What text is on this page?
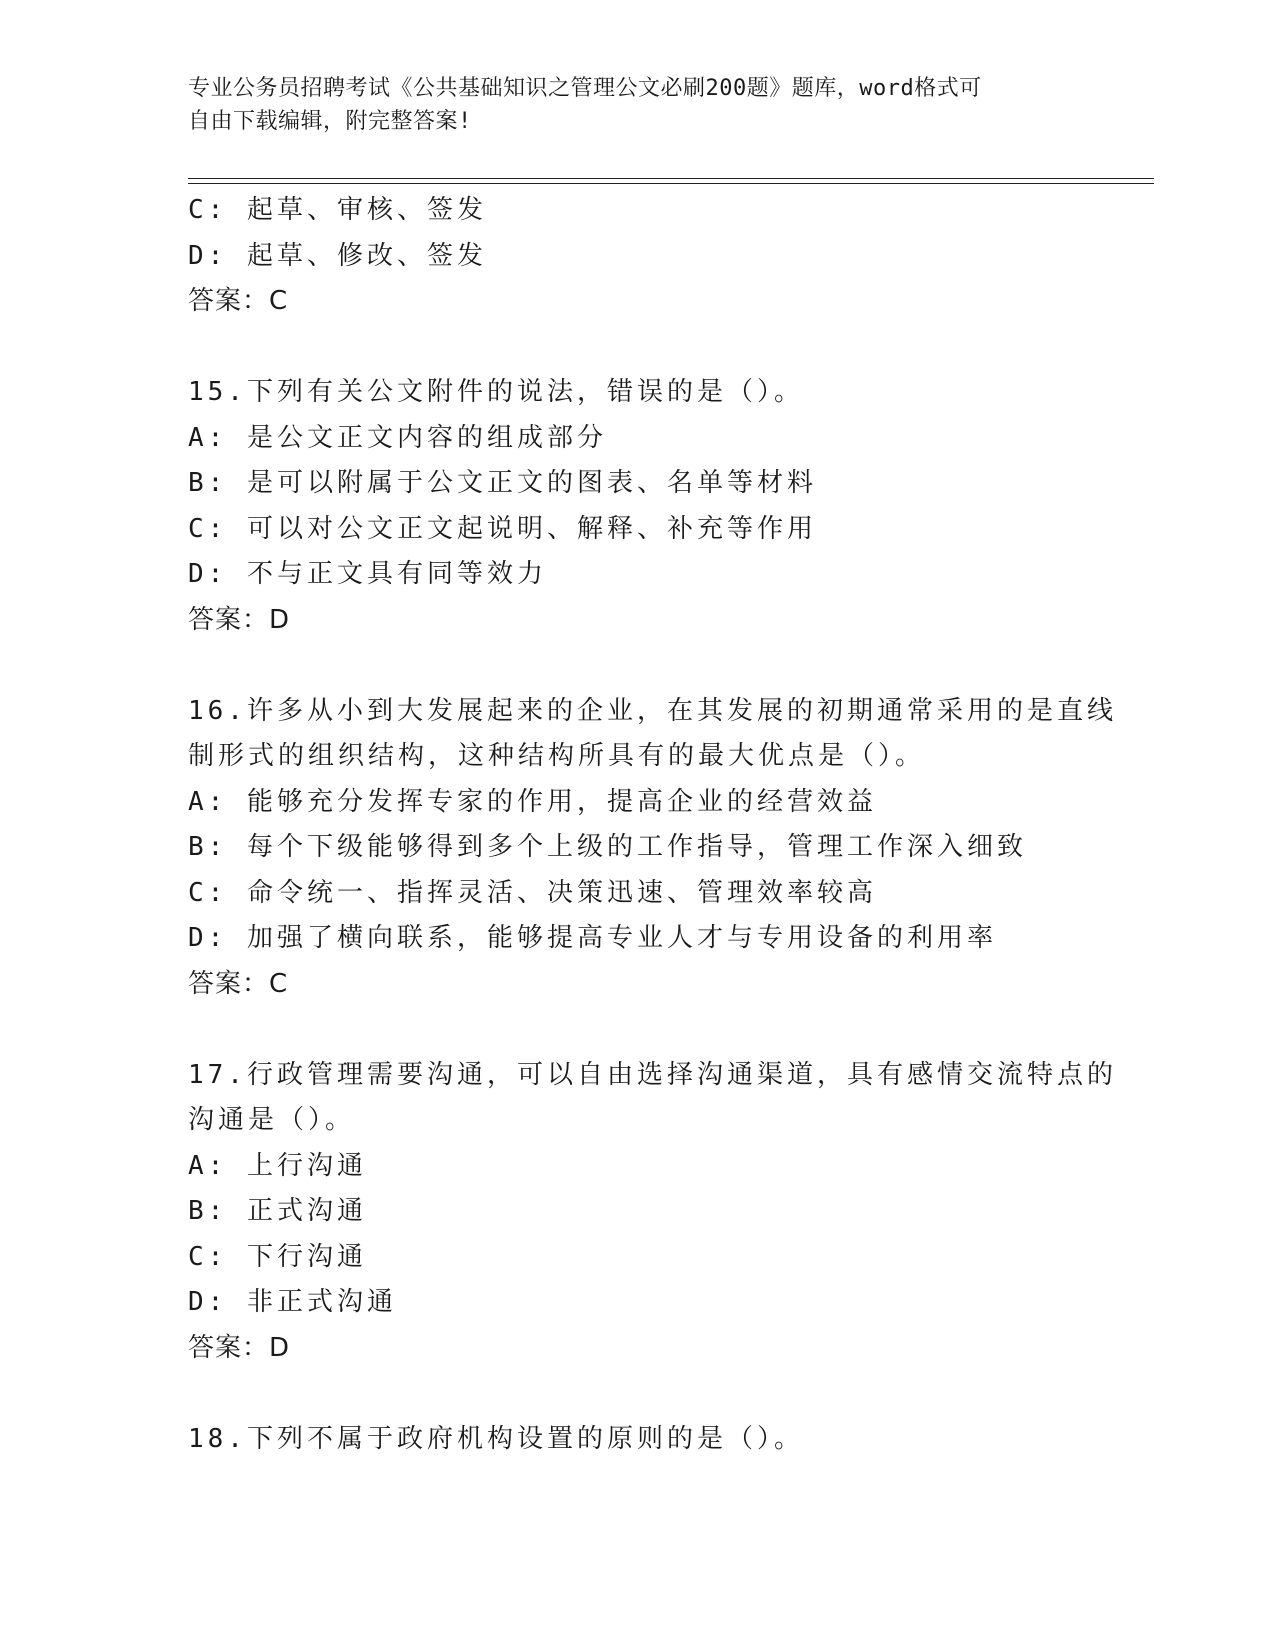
专业公务员招聘考试《公共基础知识之管理公文必刷200题》题库，word格式可
自由下载编辑，附完整答案!
C: 起草、审核、签发
D: 起草、修改、签发
答案：C
15.下列有关公文附件的说法，错误的是（）。
A: 是公文正文内容的组成部分
B: 是可以附属于公文正文的图表、名单等材料
C: 可以对公文正文起说明、解释、补充等作用
D: 不与正文具有同等效力
答案：D
16.许多从小到大发展起来的企业，在其发展的初期通常采用的是直线
制形式的组织结构，这种结构所具有的最大优点是（）。
A: 能够充分发挥专家的作用，提高企业的经营效益
B: 每个下级能够得到多个上级的工作指导，管理工作深入细致
C: 命令统一、指挥灵活、决策迅速、管理效率较高
D: 加强了横向联系，能够提高专业人才与专用设备的利用率
答案：C
17.行政管理需要沟通，可以自由选择沟通渠道，具有感情交流特点的
沟通是（）。
A: 上行沟通
B: 正式沟通
C: 下行沟通
D: 非正式沟通
答案：D
18.下列不属于政府机构设置的原则的是（）。
